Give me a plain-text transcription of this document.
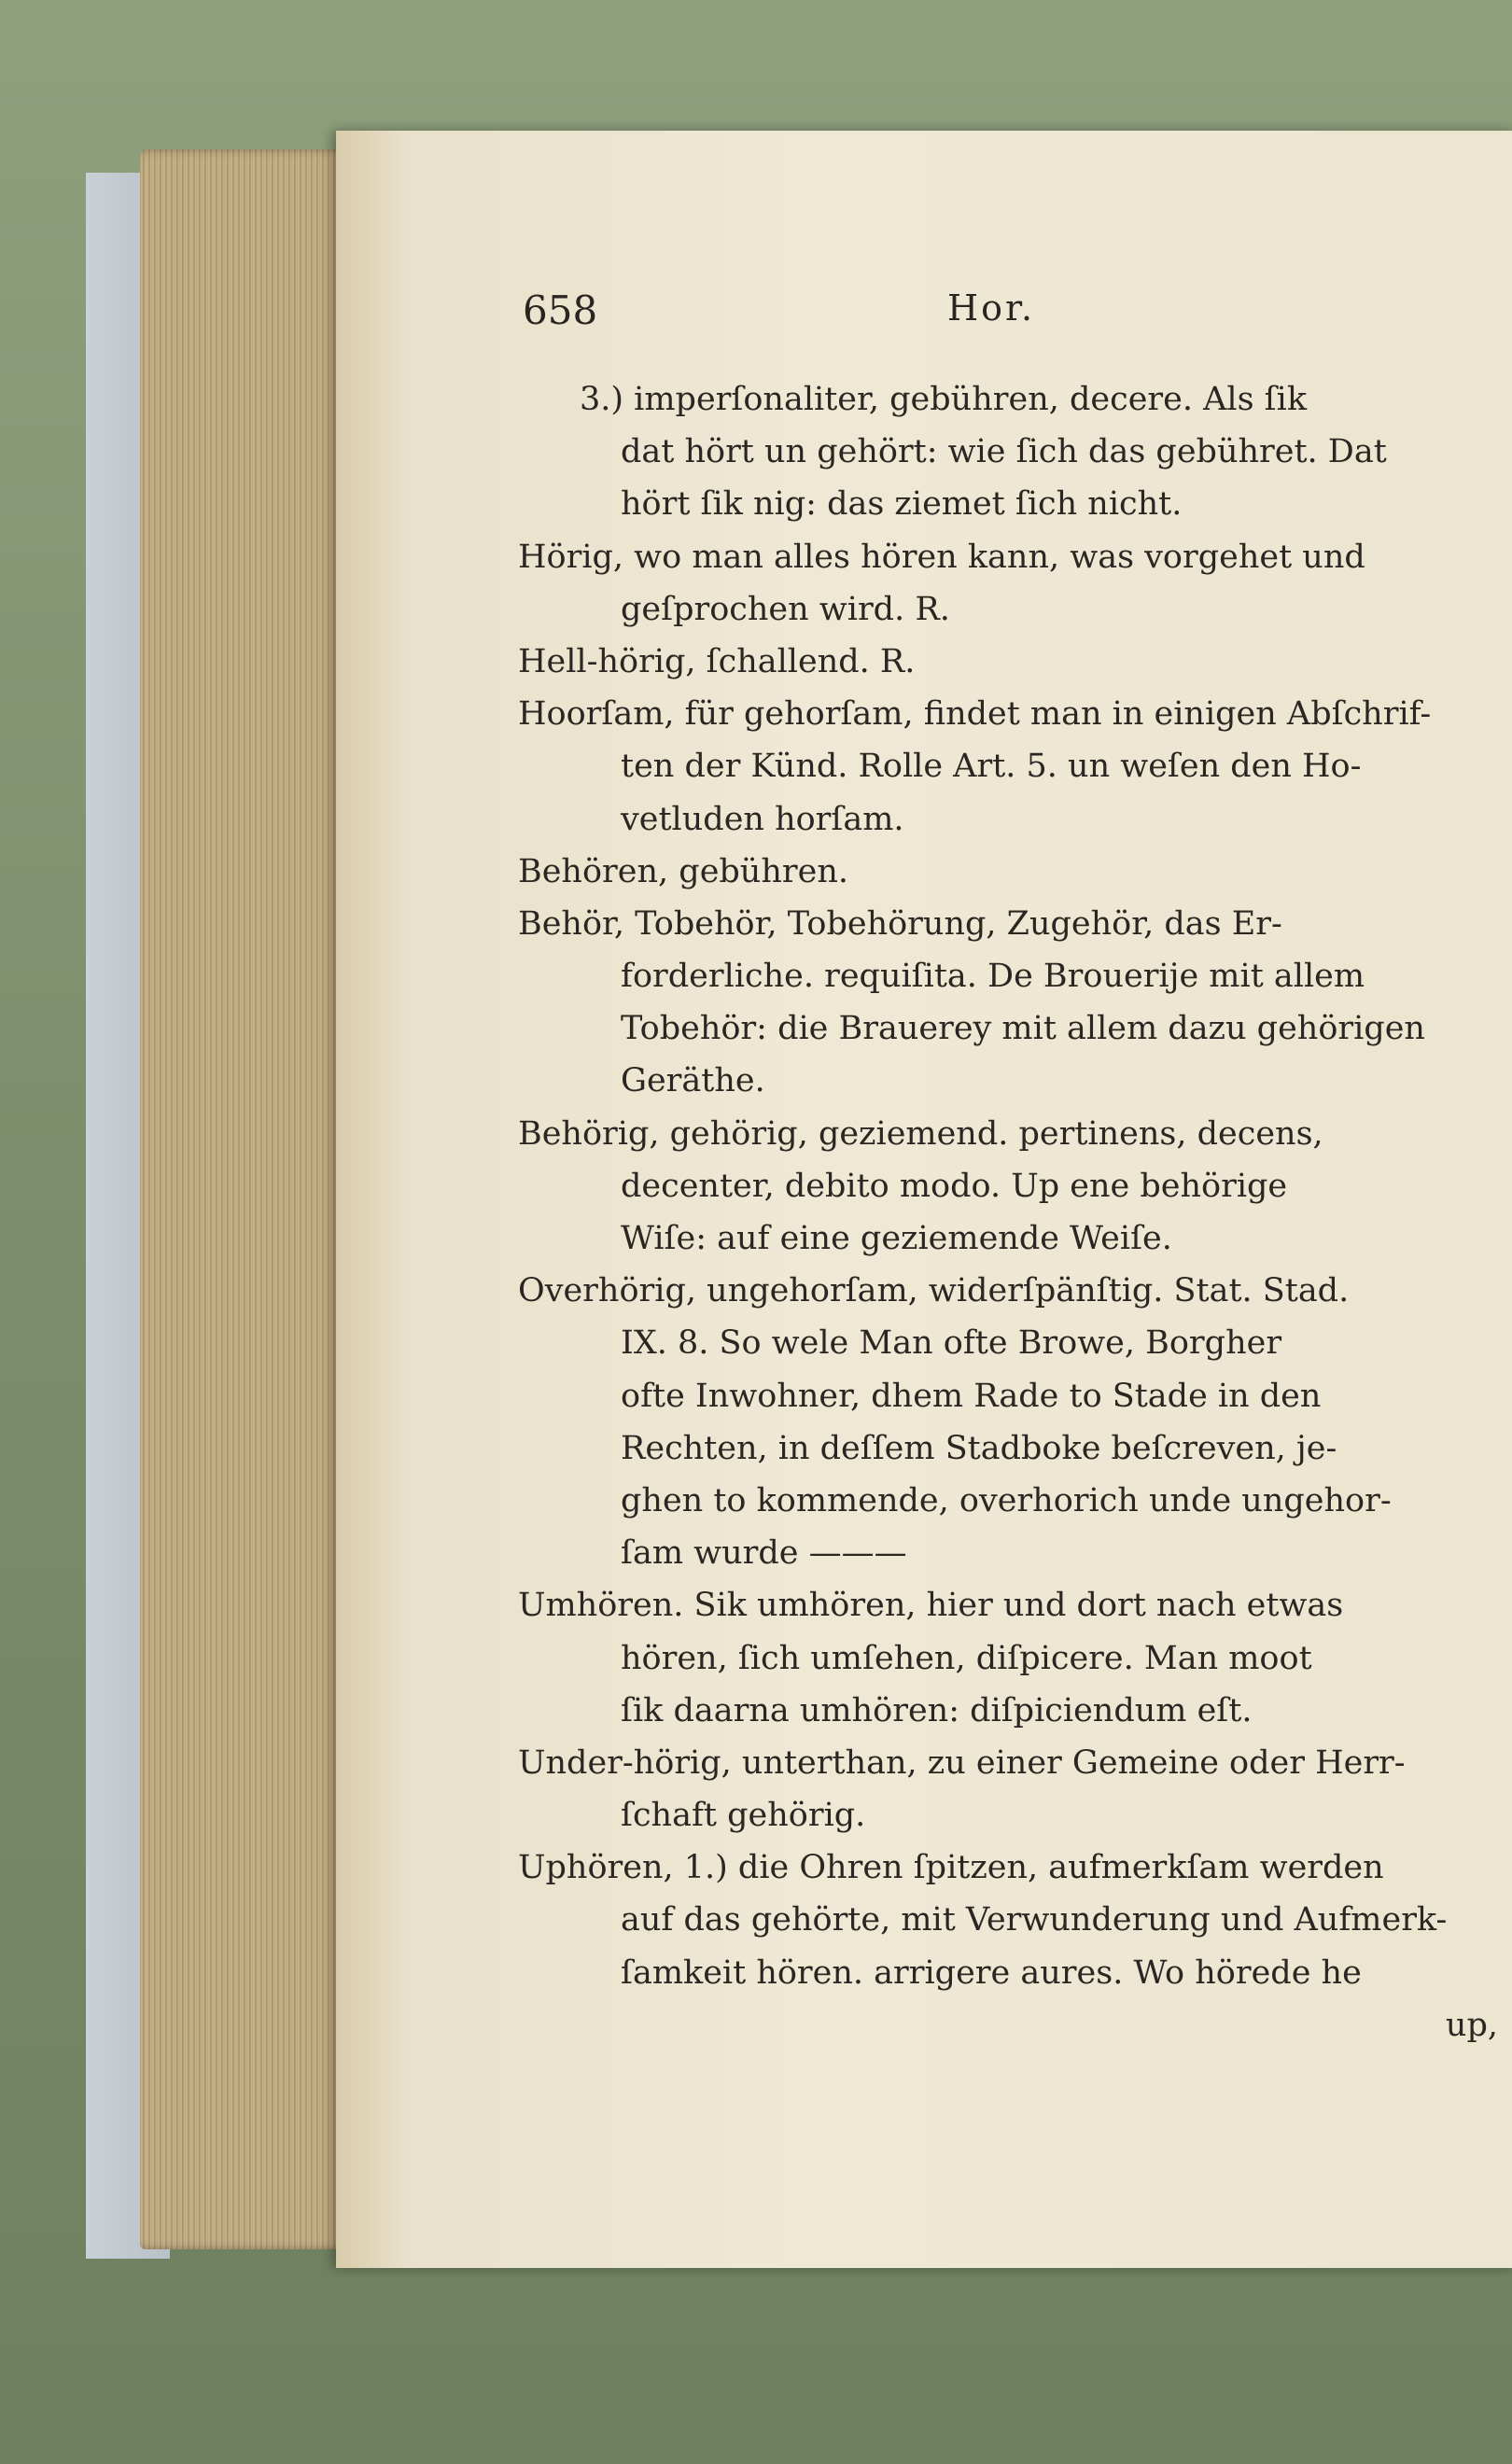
658	Hor.
3.) imperſonaliter, gebühren, decere. Als ſik
dat hört un gehört: wie ſich das gebühret. Dat
hört ſik nig: das ziemet ſich nicht.
Hörig, wo man alles hören kann, was vorgehet und
geſprochen wird. R.
Hell-hörig, ſchallend. R.
Hoorſam, für gehorſam, findet man in einigen Abſchrif-
ten der Künd. Rolle Art. 5. un weſen den Ho-
vetluden horſam.
Behören, gebühren.
Behör, Tobehör, Tobehörung, Zugehör, das Er-
forderliche. requiſita. De Brouerije mit allem
Tobehör: die Brauerey mit allem dazu gehörigen
Geräthe.
Behörig, gehörig, geziemend. pertinens, decens,
decenter, debito modo. Up ene behörige
Wiſe: auf eine geziemende Weiſe.
Overhörig, ungehorſam, widerſpänſtig. Stat. Stad.
IX. 8. So wele Man ofte Browe, Borgher
ofte Inwohner, dhem Rade to Stade in den
Rechten, in deſſem Stadboke beſcreven, je-
ghen to kommende, overhorich unde ungehor-
ſam wurde ———
Umhören. Sik umhören, hier und dort nach etwas
hören, ſich umſehen, diſpicere. Man moot
ſik daarna umhören: diſpiciendum eſt.
Under-hörig, unterthan, zu einer Gemeine oder Herr-
ſchaft gehörig.
Uphören, 1.) die Ohren ſpitzen, aufmerkſam werden
auf das gehörte, mit Verwunderung und Aufmerk-
ſamkeit hören. arrigere aures. Wo hörede he
up,
